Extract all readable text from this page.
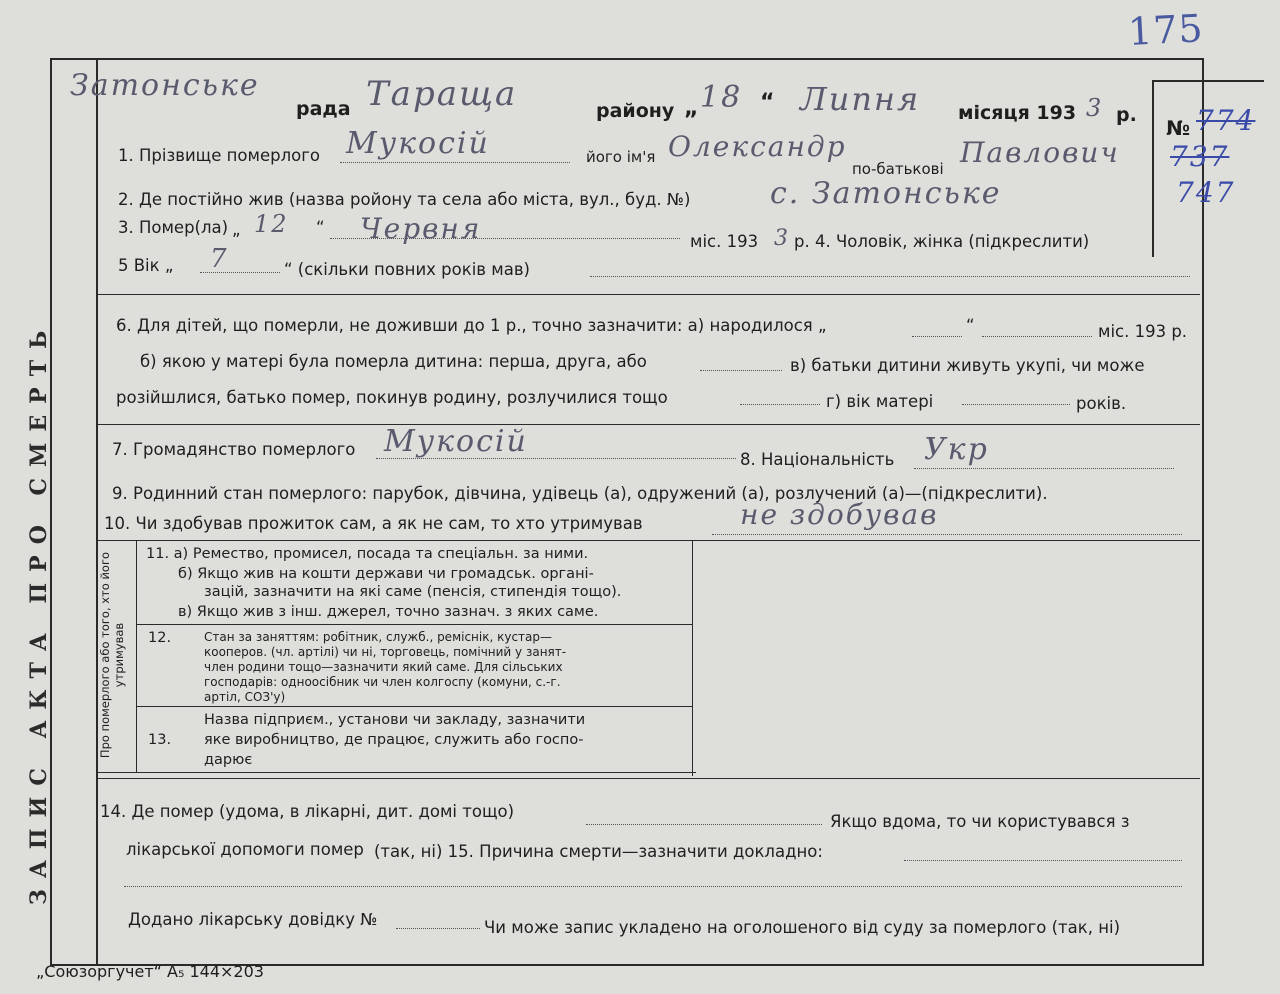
175
ЗАПИС АКТА ПРО СМЕРТЬ
Затонське
рада Тараща	району „ 18 “ Липня місяця 193 3 р.
№ 774
737
747
1. Прізвище померлого Мукосій	його ім'я Олександр
по-батькові Павлович
2. Де постійно жив (назва ройону та села або міста, вул., буд. №)	с. Затонське
3. Помер(ла) „ 12 “ Червня	міс. 193 3 р. 4. Чоловік, жінка (підкреслити)
5 Вік „ 7	“ (скільки повних років мав)
6. Для дітей, що померли, не доживши до 1 р., точно зазначити: а) народилося „	“	міс. 193 р.
б) якою у матері була померла дитина: перша, друга, або	в) батьки дитини живуть укупі, чи може
розійшлися, батько помер, покинув родину, розлучилися тощо	г) вік матері	років.
7. Громадянство померлого Мукосій
8. Національність Укр
9. Родинний стан померлого: парубок, дівчина, удівець (а), одружений (а), розлучений (а)—(підкреслити).
10. Чи здобував прожиток сам, а як не сам, то хто утримував	не здобував
Про померлого або того, хто його утримував
11. а) Ремество, промисел, посада та спеціальн. за ними.
б) Якщо жив на кошти держави чи громадськ. органі-
зацій, зазначити на які саме (пенсія, стипендія тощо).
в) Якщо жив з інш. джерел, точно зазнач. з яких саме.
12.	Стан за заняттям: робітник, служб., реміснік, кустар—
кооперов. (чл. артілі) чи ні, торговець, помічний у занят-
член родини тощо—зазначити який саме. Для сільських
господарів: одноосібник чи член колгоспу (комуни, с.-г.
артіл, СОЗ'у)
13.
Назва підприєм., установи чи закладу, зазначити
яке виробництво, де працює, служить або госпо-
дарює
14. Де помер (удома, в лікарні, дит. домі тощо)
Якщо вдома, то чи користувався з
лікарської допомоги помер (так, ні) 15. Причина смерти—зазначити докладно:
Додано лікарську довідку №	Чи може запис укладено на оголошеного від суду за померлого (так, ні)
„Союзоргучет“ А₅ 144×203
